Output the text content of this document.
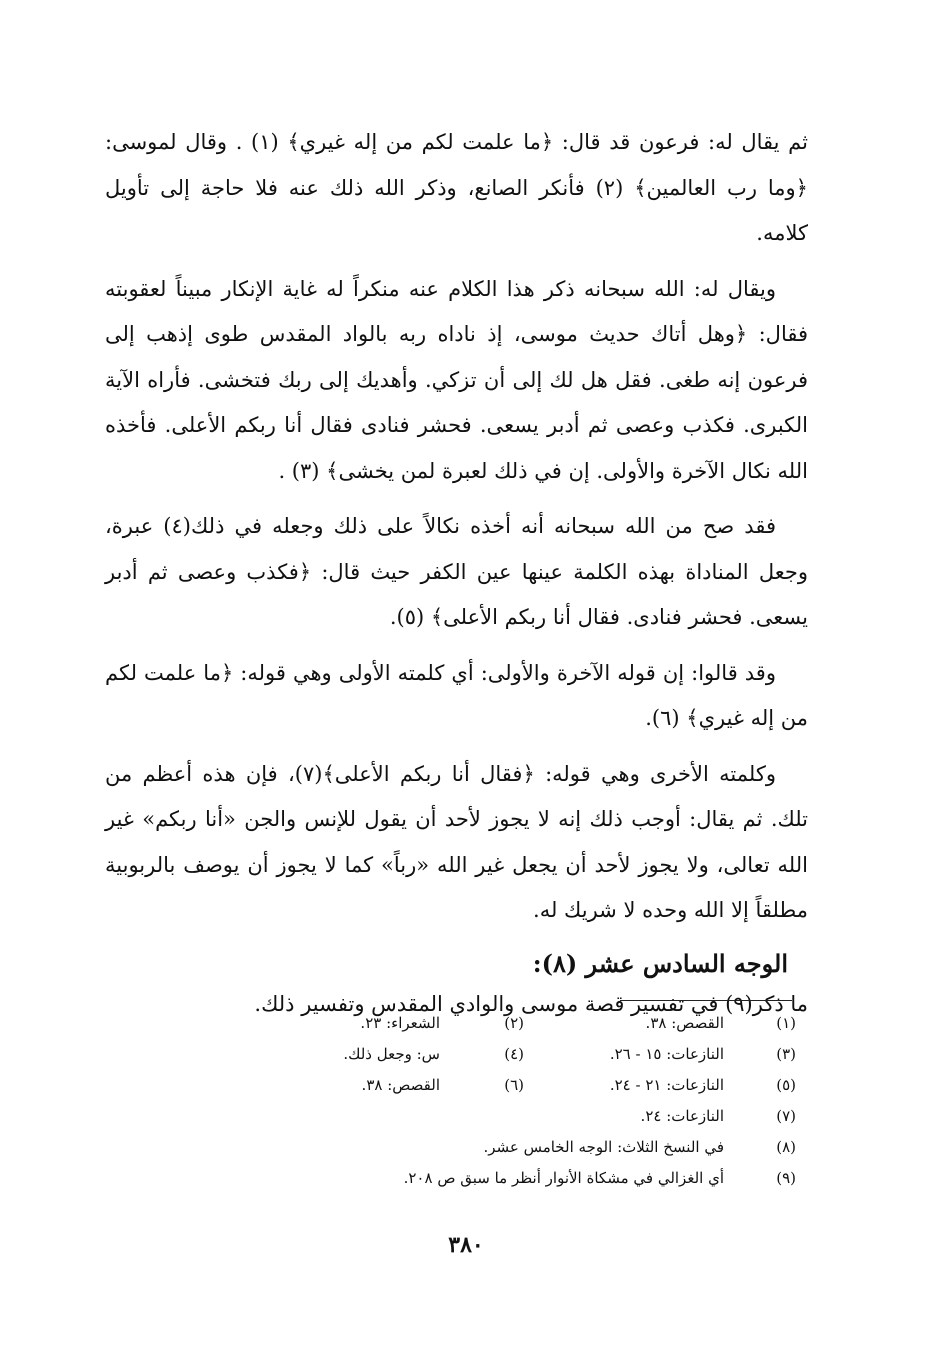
ثم يقال له: فرعون قد قال: ﴿ما علمت لكم من إله غيري﴾ (١) . وقال لموسى: ﴿وما رب العالمين﴾ (٢) فأنكر الصانع، وذكر الله ذلك عنه فلا حاجة إلى تأويل كلامه.

ويقال له: الله سبحانه ذكر هذا الكلام عنه منكراً له غاية الإنكار مبيناً لعقوبته فقال: ﴿وهل أتاك حديث موسى، إذ ناداه ربه بالواد المقدس طوى إذهب إلى فرعون إنه طغى. فقل هل لك إلى أن تزكي. وأهديك إلى ربك فتخشى. فأراه الآية الكبرى. فكذب وعصى ثم أدبر يسعى. فحشر فنادى فقال أنا ربكم الأعلى. فأخذه الله نكال الآخرة والأولى. إن في ذلك لعبرة لمن يخشى﴾ (٣) .

فقد صح من الله سبحانه أنه أخذه نكالاً على ذلك وجعله في ذلك(٤) عبرة، وجعل المناداة بهذه الكلمة عينها عين الكفر حيث قال: ﴿فكذب وعصى ثم أدبر يسعى. فحشر فنادى. فقال أنا ربكم الأعلى﴾ (٥).

وقد قالوا: إن قوله الآخرة والأولى: أي كلمته الأولى وهي قوله: ﴿ما علمت لكم من إله غيري﴾ (٦).

وكلمته الأخرى وهي قوله: ﴿فقال أنا ربكم الأعلى﴾(٧)، فإن هذه أعظم من تلك. ثم يقال: أوجب ذلك إنه لا يجوز لأحد أن يقول للإنس والجن «أنا ربكم» غير الله تعالى، ولا يجوز لأحد أن يجعل غير الله «رباً» كما لا يجوز أن يوصف بالربوبية مطلقاً إلا الله وحده لا شريك له.

الوجه السادس عشر (٨):

ما ذكر(٩) في تفسير قصة موسى والوادي المقدس وتفسير ذلك.

(١)
القصص: ٣٨.
(٢)
الشعراء: ٢٣.
(٣)
النازعات: ١٥ - ٢٦.
(٤)
س: وجعل ذلك.
(٥)
النازعات: ٢١ - ٢٤.
(٦)
القصص: ٣٨.
(٧)
النازعات: ٢٤.
(٨)
في النسخ الثلاث: الوجه الخامس عشر.
(٩)
أي الغزالي في مشكاة الأنوار أنظر ما سبق ص ٢٠٨.
٣٨٠
